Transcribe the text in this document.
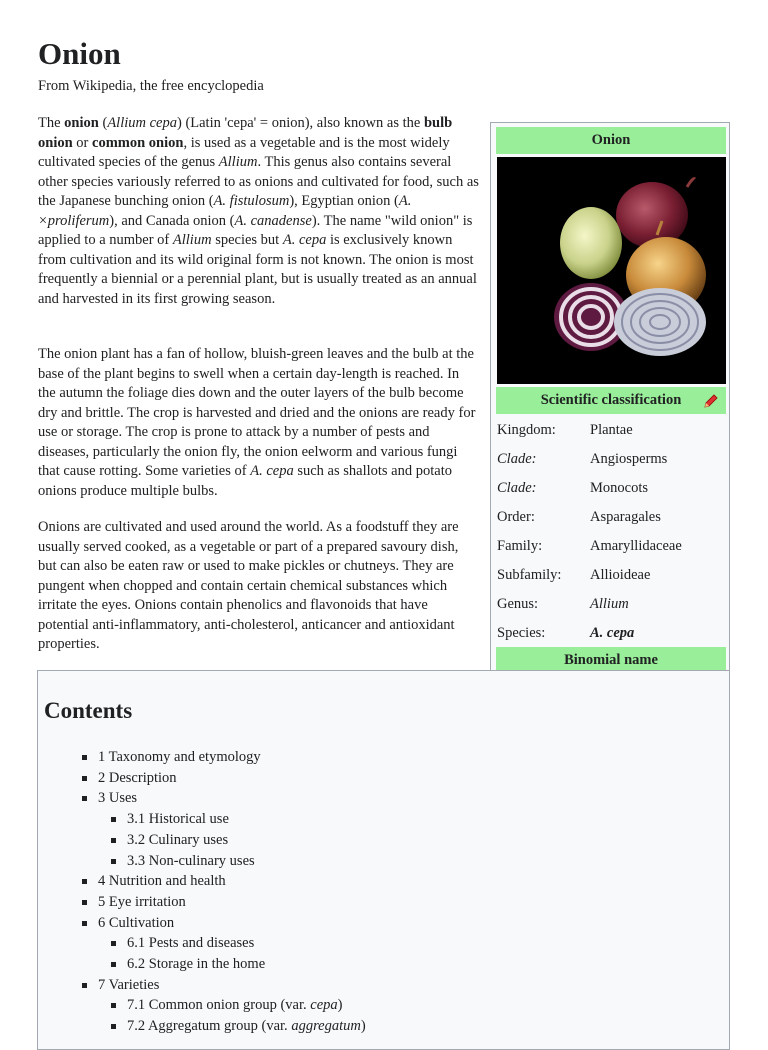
Onion
From Wikipedia, the free encyclopedia

The onion (Allium cepa) (Latin 'cepa' = onion), also known as the bulb onion or common onion, is used as a vegetable and is the most widely cultivated species of the genus Allium. This genus also contains several other species variously referred to as onions and cultivated for food, such as the Japanese bunching onion (A. fistulosum), Egyptian onion (A. ×proliferum), and Canada onion (A. canadense). The name "wild onion" is applied to a number of Allium species but A. cepa is exclusively known from cultivation and its wild original form is not known. The onion is most frequently a biennial or a perennial plant, but is usually treated as an annual and harvested in its first growing season.

The onion plant has a fan of hollow, bluish-green leaves and the bulb at the base of the plant begins to swell when a certain day-length is reached. In the autumn the foliage dies down and the outer layers of the bulb become dry and brittle. The crop is harvested and dried and the onions are ready for use or storage. The crop is prone to attack by a number of pests and diseases, particularly the onion fly, the onion eelworm and various fungi that cause rotting. Some varieties of A. cepa such as shallots and potato onions produce multiple bulbs.

Onions are cultivated and used around the world. As a foodstuff they are usually served cooked, as a vegetable or part of a prepared savoury dish, but can also be eaten raw or used to make pickles or chutneys. They are pungent when chopped and contain certain chemical substances which irritate the eyes. Onions contain phenolics and flavonoids that have potential anti-inflammatory, anti-cholesterol, anticancer and antioxidant properties.

Onion
Scientific classification
Kingdom: Plantae
Clade:	Angiosperms
Clade:	Monocots
Order:	Asparagales
Family:	Amaryllidaceae
Subfamily: Allioideae
Genus:	Allium
Species:	A. cepa
Binomial name
Contents
1 Taxonomy and etymology
2 Description
3 Uses
3.1 Historical use
3.2 Culinary uses
3.3 Non-culinary uses
4 Nutrition and health
5 Eye irritation
6 Cultivation
6.1 Pests and diseases
6.2 Storage in the home
7 Varieties
7.1 Common onion group (var. cepa)
7.2 Aggregatum group (var. aggregatum)
